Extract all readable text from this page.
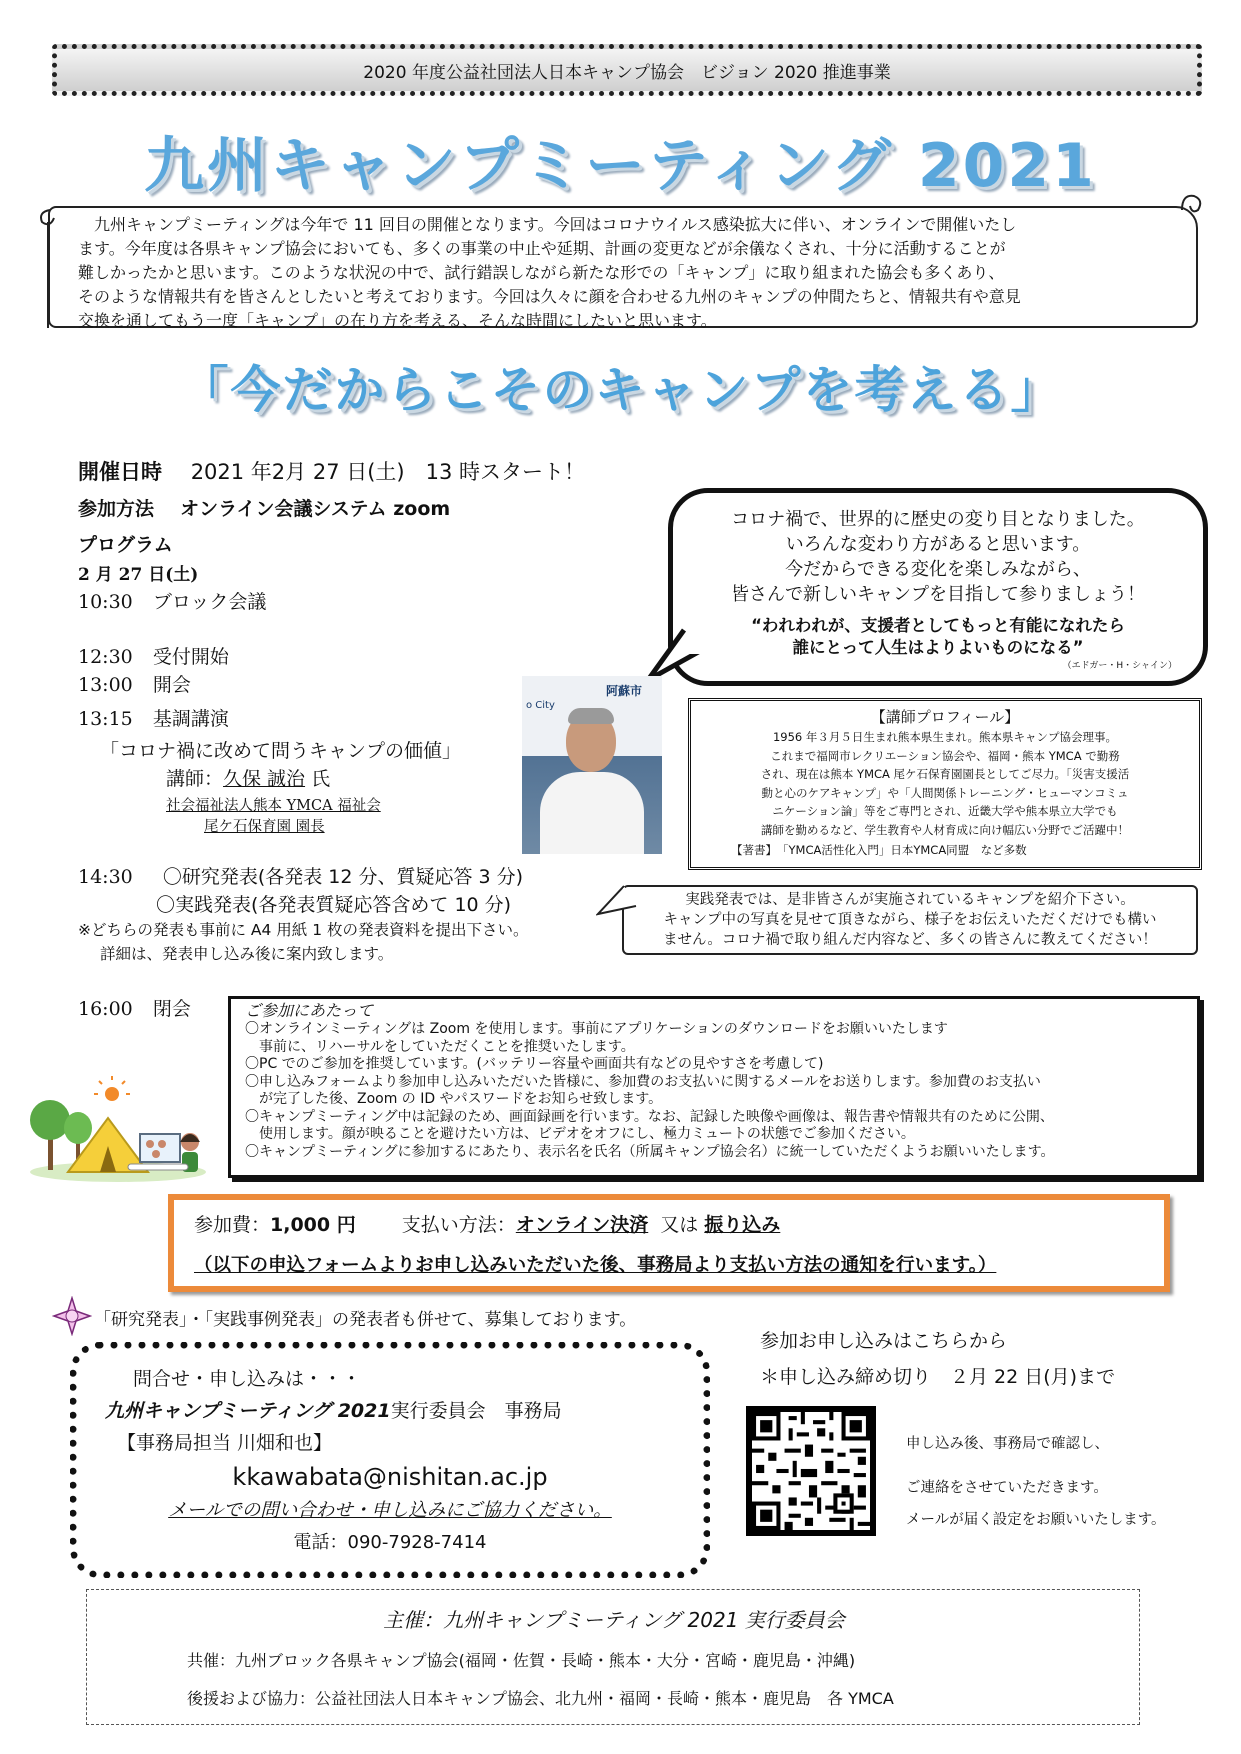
2020 年度公益社団法人日本キャンプ協会　ビジョン 2020 推進事業
九州キャンプミーティング 2021
　九州キャンプミーティングは今年で 11 回目の開催となります。今回はコロナウイルス感染拡大に伴い、オンラインで開催いたし
ます。今年度は各県キャンプ協会においても、多くの事業の中止や延期、計画の変更などが余儀なくされ、十分に活動することが
難しかったかと思います。このような状況の中で、試行錯誤しながら新たな形での「キャンプ」に取り組まれた協会も多くあり、
そのような情報共有を皆さんとしたいと考えております。今回は久々に顔を合わせる九州のキャンプの仲間たちと、情報共有や意見
交換を通してもう一度「キャンプ」の在り方を考える、そんな時間にしたいと思います。
「今だからこそのキャンプを考える」
開催日時 2021 年2月 27 日(土)　13 時スタート！
参加方法 オンライン会議システム zoom
プログラム
2 月 27 日(土)
10:30 ブロック会議
12:30 受付開始
13:00 開会
13:15 基調講演
「コロナ禍に改めて問うキャンプの価値」
講師：久保 誠治 氏
社会福祉法人熊本 YMCA 福祉会
尾ケ石保育園 園長
14:30 〇研究発表(各発表 12 分、質疑応答 3 分)
〇実践発表(各発表質疑応答含めて 10 分)
※どちらの発表も事前に A4 用紙 1 枚の発表資料を提出下さい。
詳細は、発表申し込み後に案内致します。
16:00 閉会
コロナ禍で、世界的に歴史の変り目となりました。
いろんな変わり方があると思います。
今だからできる変化を楽しみながら、
皆さんで新しいキャンプを目指して参りましょう！
“われわれが、支援者としてもっと有能になれたら
誰にとって人生はよりよいものになる”
（エドガー・H・シャイン）
o City
阿蘇市
【講師プロフィール】
1956 年３月５日生まれ熊本県生まれ。熊本県キャンプ協会理事。
これまで福岡市レクリエーション協会や、福岡・熊本 YMCA で勤務
され、現在は熊本 YMCA 尾ケ石保育園園長としてご尽力。「災害支援活
動と心のケアキャンプ」や「人間関係トレーニング・ヒューマンコミュ
ニケーション論」等をご専門とされ、近畿大学や熊本県立大学でも
講師を勤めるなど、学生教育や人材育成に向け幅広い分野でご活躍中！
【著書】　「YMCA活性化入門」日本YMCA同盟　など多数
実践発表では、是非皆さんが実施されているキャンプを紹介下さい。
キャンプ中の写真を見せて頂きながら、様子をお伝えいただくだけでも構い
ません。コロナ禍で取り組んだ内容など、多くの皆さんに教えてください！
ご参加にあたって
〇オンラインミーティングは Zoom を使用します。事前にアプリケーションのダウンロードをお願いいたします
　事前に、リハーサルをしていただくことを推奨いたします。
〇PC でのご参加を推奨しています。(バッテリー容量や画面共有などの見やすさを考慮して)
〇申し込みフォームより参加申し込みいただいた皆様に、参加費のお支払いに関するメールをお送りします。参加費のお支払い
　が完了した後、Zoom の ID やパスワードをお知らせ致します。
〇キャンプミーティング中は記録のため、画面録画を行います。なお、記録した映像や画像は、報告書や情報共有のために公開、
　使用します。顔が映ることを避けたい方は、ビデオをオフにし、極力ミュートの状態でご参加ください。
〇キャンプミーティングに参加するにあたり、表示名を氏名（所属キャンプ協会名）に統一していただくようお願いいたします。
参加費：1,000 円 支払い方法：オンライン決済 又は 振り込み
（以下の申込フォームよりお申し込みいただいた後、事務局より支払い方法の通知を行います。）
「研究発表」・「実践事例発表」の発表者も併せて、募集しております。
問合せ・申し込みは・・・
九州キャンプミーティング 2021実行委員会　事務局
【事務局担当 川畑和也】
kkawabata@nishitan.ac.jp
メールでの問い合わせ・申し込みにご協力ください。
電話：090-7928-7414
参加お申し込みはこちらから
＊申し込み締め切り　２月 22 日(月)まで
申し込み後、事務局で確認し、
ご連絡をさせていただきます。
メールが届く設定をお願いいたします。
主催：九州キャンプミーティング 2021 実行委員会
共催：九州ブロック各県キャンプ協会(福岡・佐賀・長崎・熊本・大分・宮崎・鹿児島・沖縄)
後援および協力：公益社団法人日本キャンプ協会、北九州・福岡・長崎・熊本・鹿児島　各 YMCA
